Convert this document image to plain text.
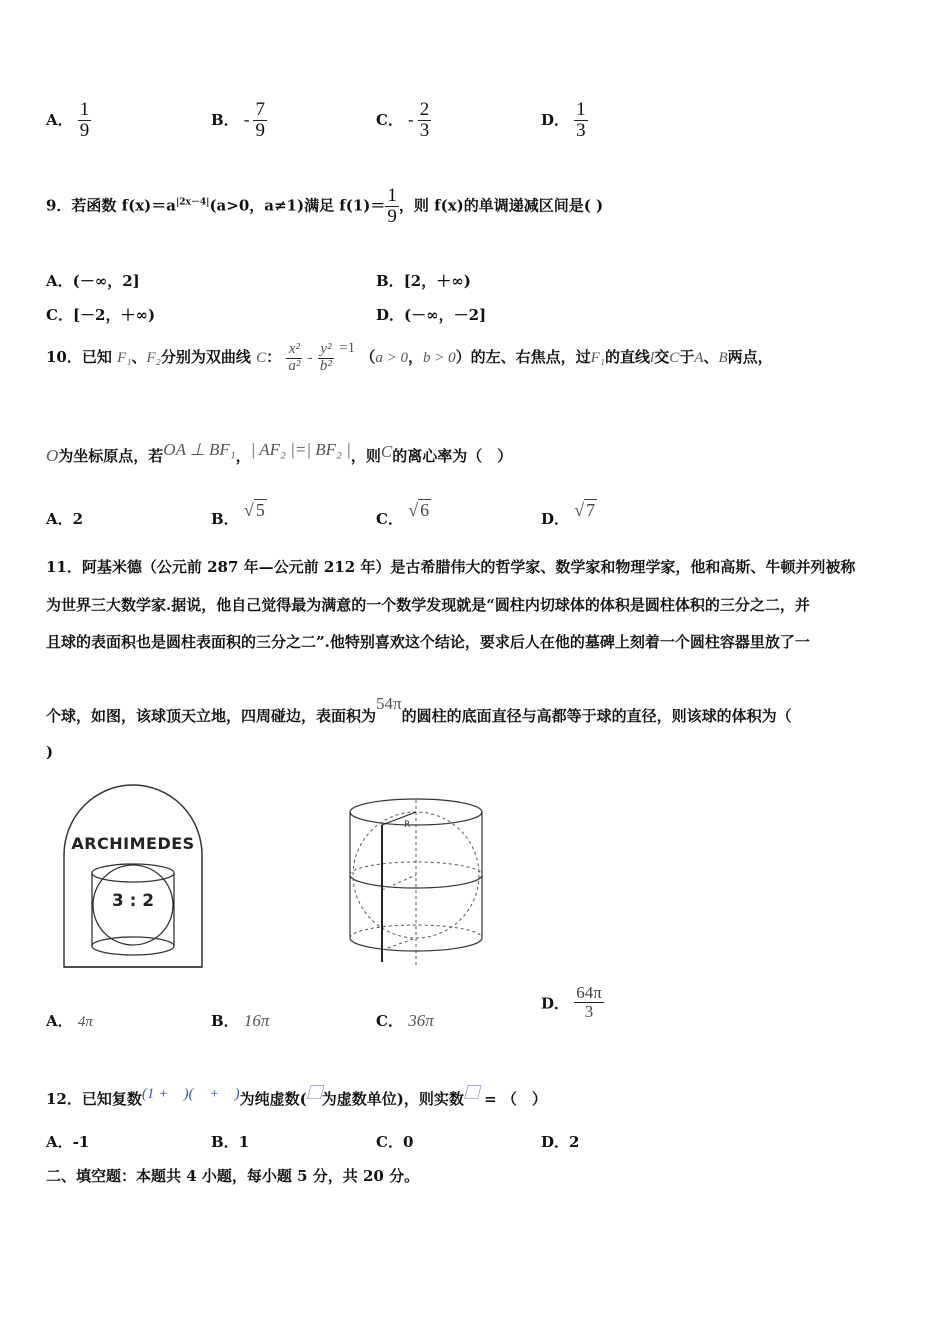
A． $\frac{1}{9}$	B． - $\frac{7}{9}$	C． - $\frac{2}{3}$	D． $\frac{1}{3}$
9．若函数 $f(x)=a^{|2x-4|}(a>0$，a≠1)满足 $f(1)= \frac{1}{9}$ ，则 f(x)的单调递减区间是( )
A．(－∞，2]	B．[2，＋∞)
C．[－2，＋∞)	D．(－∞，－2]
10．已知 F₁、F₂分别为双曲线 C： $\frac{\text{x²}}{\text{a²}} - \frac{\text{y²}}{\text{b²}} =1$ （a > 0，b > 0）的左、右焦点，过F₁的直线l交C于A、B两点，
O为坐标原点，若OA ⊥ BF₁，| AF₂ |=| BF₂ |，则C的离心率为（　）
A．2	B． √ 5	C． √ 6	D． √ 7
11．阿基米德（公元前 287 年—公元前 212 年）是古希腊伟大的哲学家、数学家和物理学家，他和高斯、牛顿并列被称
为世界三大数学家.据说，他自己觉得最为满意的一个数学发现就是“圆柱内切球体的体积是圆柱体积的三分之二，并
且球的表面积也是圆柱表面积的三分之二”.他特别喜欢这个结论，要求后人在他的墓碑上刻着一个圆柱容器里放了一
个球，如图，该球顶天立地，四周碰边，表面积为54π的圆柱的底面直径与高都等于球的直径，则该球的体积为（
)
ARCHIMEDES
3 : 2
R
A． 4π	B． 16π	C． 36π
D． $\frac{64\pi}{3}$
12．已知复数(1 + ⃞)(⃞ + ⃞)为纯虚数(⃞为虚数单位)，则实数⃞ = （　）
A．-1	B．1	C．0	D．2
二、填空题：本题共 4 小题，每小题 5 分，共 20 分。
